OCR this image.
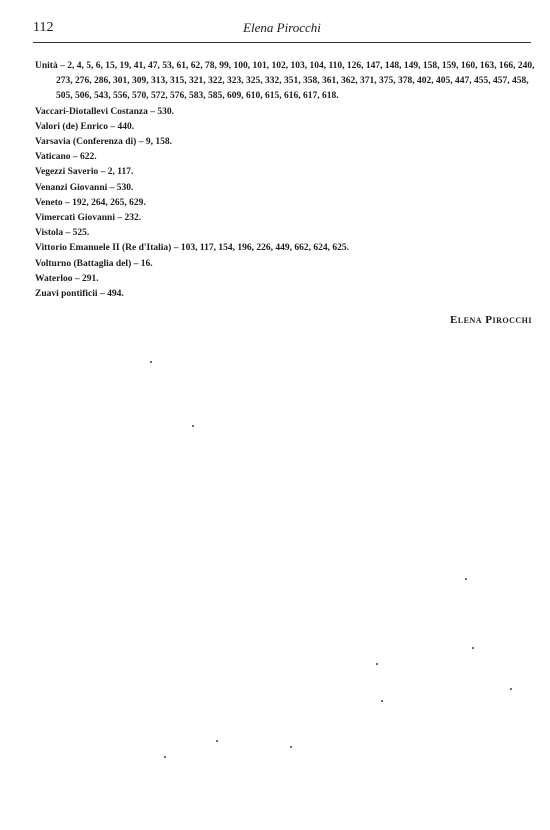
112	Elena Pirocchi

Unità – 2, 4, 5, 6, 15, 19, 41, 47, 53, 61, 62, 78, 99, 100, 101, 102, 103, 104, 110, 126, 147, 148, 149, 158, 159, 160, 163, 166, 240, 273, 276, 286, 301, 309, 313, 315, 321, 322, 323, 325, 332, 351, 358, 361, 362, 371, 375, 378, 402, 405, 447, 455, 457, 458, 505, 506, 543, 556, 570, 572, 576, 583, 585, 609, 610, 615, 616, 617, 618.

Vaccari-Diotallevi Costanza – 530.

Valori (de) Enrico – 440.

Varsavia (Conferenza di) – 9, 158.

Vaticano – 622.

Vegezzi Saverio – 2, 117.

Venanzi Giovanni – 530.

Veneto – 192, 264, 265, 629.

Vimercati Giovanni – 232.

Vistola – 525.

Vittorio Emanuele II (Re d'Italia) – 103, 117, 154, 196, 226, 449, 662, 624, 625.

Volturno (Battaglia del) – 16.

Waterloo – 291.

Zuavi pontificii – 494.

Elena Pirocchi
